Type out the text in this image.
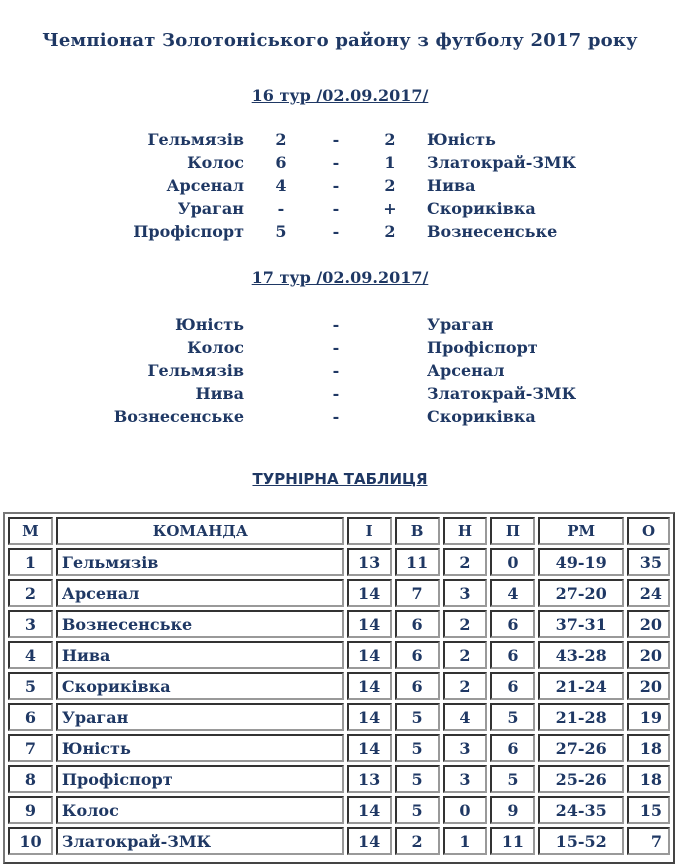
Чемпіонат Золотоніського району з футболу 2017 року
16 тур /02.09.2017/
Гельмязів	2	-	2	Юність
Колос	6	-	1	Златокрай-ЗМК
Арсенал	4	-	2	Нива
Ураган	-	-	+	Скориківка
Профіспорт	5	-	2	Вознесенське
17 тур /02.09.2017/
Юність	-	Ураган
Колос	-	Профіспорт
Гельмязів	-	Арсенал
Нива	-	Златокрай-ЗМК
Вознесенське	-	Скориківка
ТУРНІРНА ТАБЛИЦЯ
М	КОМАНДА	І	В	Н	П	РМ	О
1	Гельмязів	13	11	2	0	49-19	35
2	Арсенал	14	7	3	4	27-20	24
3	Вознесенське	14	6	2	6	37-31	20
4	Нива	14	6	2	6	43-28	20
5	Скориківка	14	6	2	6	21-24	20
6	Ураган	14	5	4	5	21-28	19
7	Юність	14	5	3	6	27-26	18
8	Профіспорт	13	5	3	5	25-26	18
9	Колос	14	5	0	9	24-35	15
10	Златокрай-ЗМК	14	2	1	11	15-52	7
